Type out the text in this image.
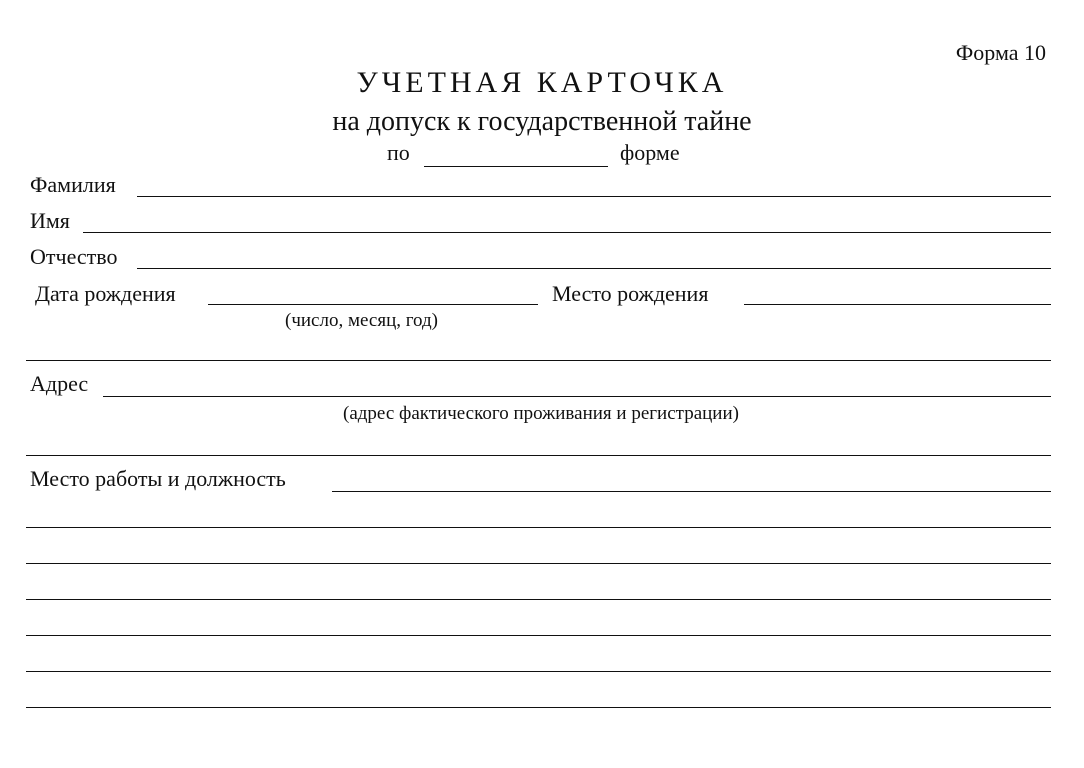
Форма 10
УЧЕТНАЯ КАРТОЧКА
на допуск к государственной тайне
по	форме
Фамилия
Имя
Отчество
Дата рождения
(число, месяц, год)
Место рождения
Адрес
(адрес фактического проживания и регистрации)
Место работы и должность
